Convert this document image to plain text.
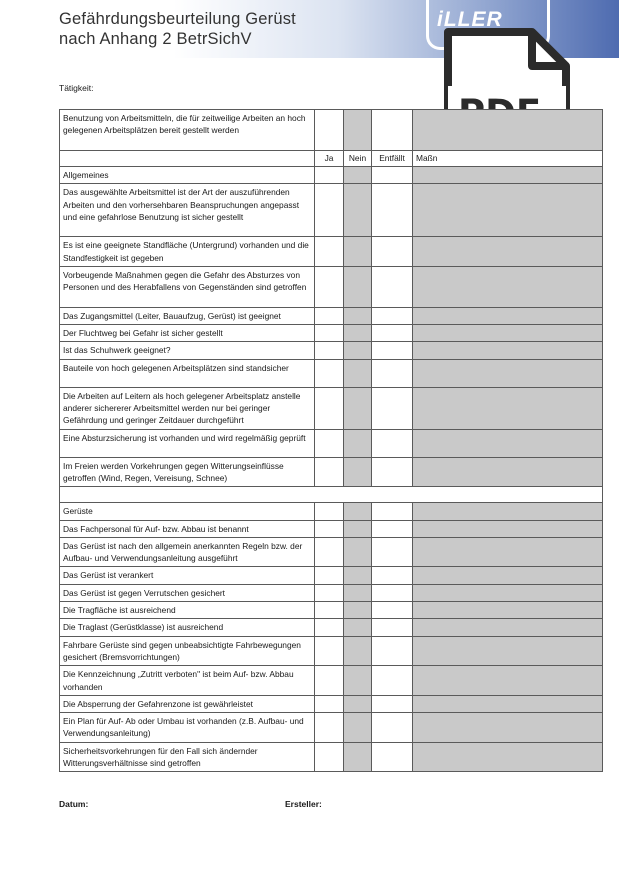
Gefährdungsbeurteilung Gerüst
nach Anhang 2 BetrSichV
iLLER
Tätigkeit:
Benutzung von Arbeitsmitteln, die für zeitweilige Arbeiten an hoch gelegenen Arbeitsplätzen bereit gestellt werden				
	Ja	Nein	Entfällt	Maßn
Allgemeines				
Das ausgewählte Arbeitsmittel ist der Art der auszuführenden Arbeiten und den vorhersehbaren Beanspruchungen angepasst und eine gefahrlose Benutzung ist sicher gestellt				
Es ist eine geeignete Standfläche (Untergrund) vorhanden und die Standfestigkeit ist gegeben				
Vorbeugende Maßnahmen gegen die Gefahr des Absturzes von Personen und des Herabfallens von Gegenständen sind getroffen				
Das Zugangsmittel (Leiter, Bauaufzug, Gerüst) ist geeignet				
Der Fluchtweg bei Gefahr ist sicher gestellt				
Ist das Schuhwerk geeignet?				
Bauteile von hoch gelegenen Arbeitsplätzen sind standsicher				
Die Arbeiten auf Leitern als hoch gelegener Arbeitsplatz anstelle anderer sichererer Arbeitsmittel werden nur bei geringer Gefährdung und geringer Zeitdauer durchgeführt				
Eine Absturzsicherung ist vorhanden und wird regelmäßig geprüft				
Im Freien werden Vorkehrungen gegen Witterungseinflüsse getroffen (Wind, Regen, Vereisung, Schnee)				

Gerüste				
Das Fachpersonal für Auf- bzw. Abbau ist benannt				
Das Gerüst ist nach den allgemein anerkannten Regeln bzw. der Aufbau- und Verwendungsanleitung ausgeführt				
Das Gerüst ist verankert				
Das Gerüst ist gegen Verrutschen gesichert				
Die Tragfläche ist ausreichend				
Die Traglast (Gerüstklasse) ist ausreichend				
Fahrbare Gerüste sind gegen unbeabsichtigte Fahrbewegungen gesichert (Bremsvorrichtungen)				
Die Kennzeichnung „Zutritt verboten" ist beim Auf- bzw. Abbau vorhanden				
Die Absperrung der Gefahrenzone ist gewährleistet				
Ein Plan für Auf- Ab oder Umbau ist vorhanden (z.B. Aufbau- und Verwendungsanleitung)				
Sicherheitsvorkehrungen für den Fall sich ändernder Witterungsverhältnisse sind getroffen				
Datum:	Ersteller:
